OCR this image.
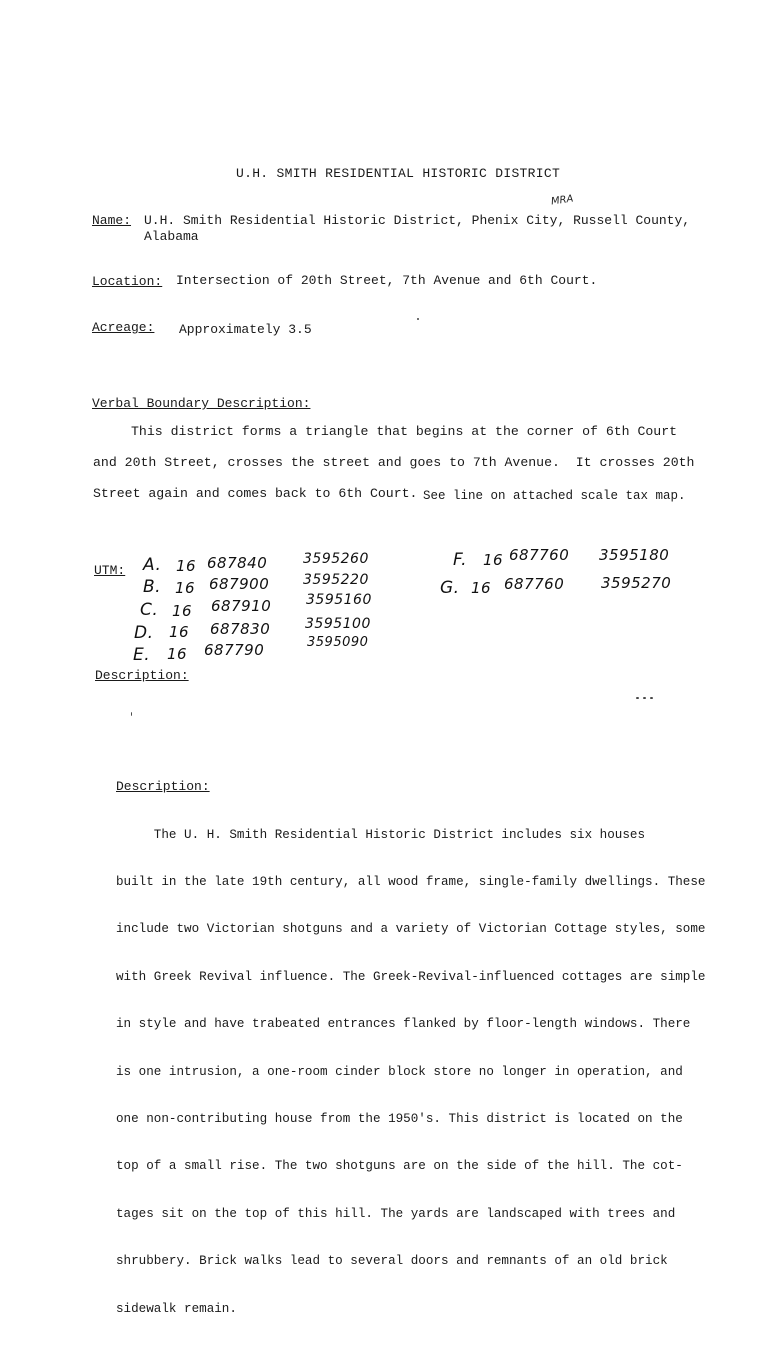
U.H. SMITH RESIDENTIAL HISTORIC DISTRICT
Name: U.H. Smith Residential Historic District, Phenix City, Russell County,
Alabama
MRA
Location: Intersection of 20th Street, 7th Avenue and 6th Court.
Acreage: Approximately 3.5
Verbal Boundary Description:
This district forms a triangle that begins at the corner of 6th Court
and 20th Street, crosses the street and goes to 7th Avenue.  It crosses 20th
Street again and comes back to 6th Court. See line on attached scale tax map.
UTM: A. 16 687840	3595260
B. 16 687900 3595220
C. 16 687910 3595160
D. 16 687830 3595100
E. 16 687790	3595090
F. 16 687760 3595180
G. 16 687760 3595270
Description:
Description:

The U. H. Smith Residential Historic District includes six houses

built in the late 19th century, all wood frame, single-family dwellings. These

include two Victorian shotguns and a variety of Victorian Cottage styles, some

with Greek Revival influence. The Greek-Revival-influenced cottages are simple

in style and have trabeated entrances flanked by floor-length windows. There

is one intrusion, a one-room cinder block store no longer in operation, and

one non-contributing house from the 1950's. This district is located on the

top of a small rise. The two shotguns are on the side of the hill. The cot-

tages sit on the top of this hill. The yards are landscaped with trees and

shrubbery. Brick walks lead to several doors and remnants of an old brick

sidewalk remain.
